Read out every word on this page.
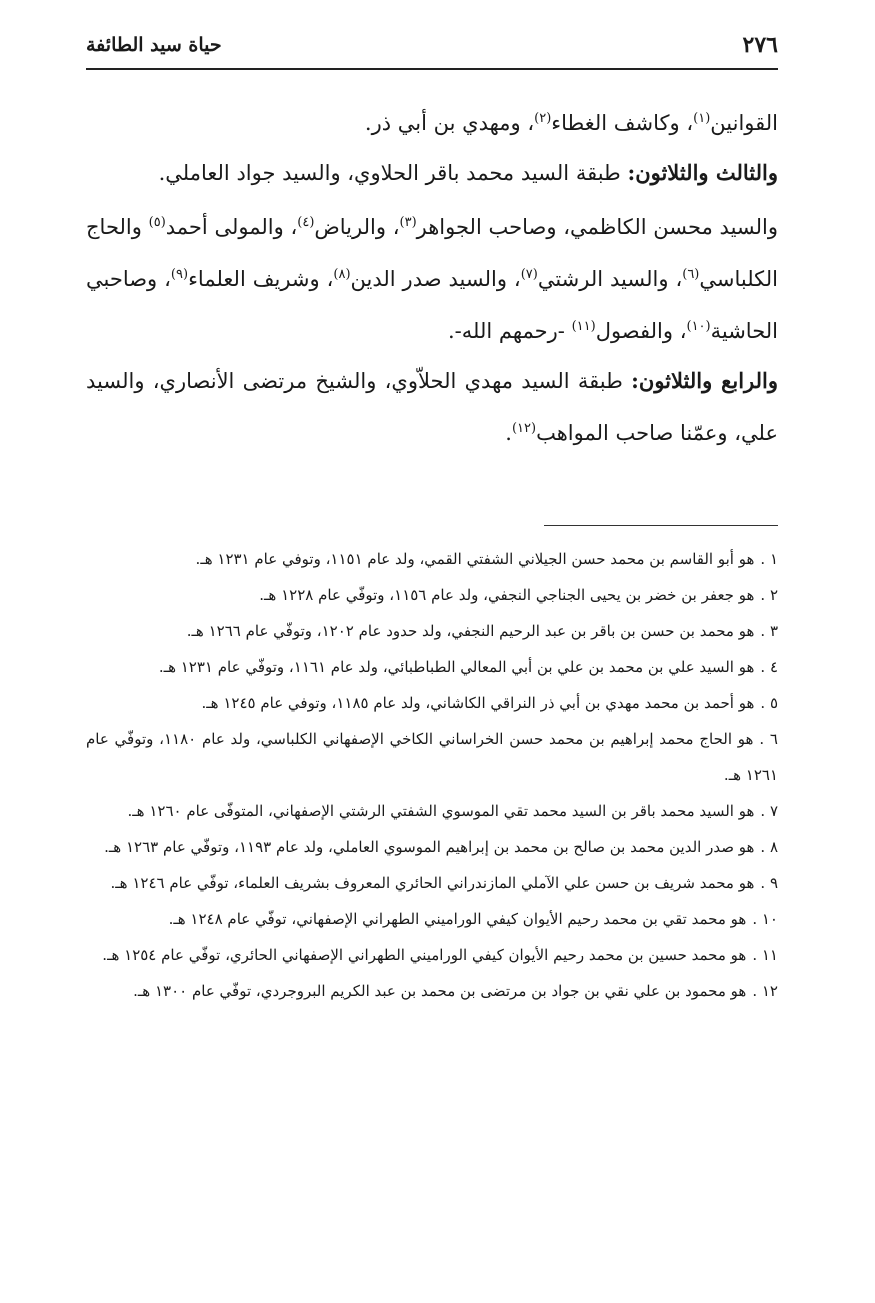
٢٧٦
حياة سيد الطائفة

القوانين$^{(١)}$، وكاشف الغطاء$^{(٢)}$، ومهدي بن أبي ذر.

والثالث والثلاثون: طبقة السيد محمد باقر الحلاوي، والسيد جواد العاملي.

والسيد محسن الكاظمي، وصاحب الجواهر$^{(٣)}$، والرياض$^{(٤)}$، والمولى أحمد$^{(٥)}$ والحاج الكلباسي$^{(٦)}$، والسيد الرشتي$^{(٧)}$، والسيد صدر الدين$^{(٨)}$، وشريف العلماء$^{(٩)}$، وصاحبي الحاشية$^{(١٠)}$، والفصول$^{(١١)}$ -رحمهم الله-.

والرابع والثلاثون: طبقة السيد مهدي الحلاّوي، والشيخ مرتضى الأنصاري، والسيد علي، وعمّنا صاحب المواهب$^{(١٢)}$.

١ .هو أبو القاسم بن محمد حسن الجيلاني الشفتي القمي، ولد عام ١١٥١، وتوفي عام ١٢٣١ هـ.

٢ .هو جعفر بن خضر بن يحيى الجناجي النجفي، ولد عام ١١٥٦، وتوفّي عام ١٢٢٨ هـ.

٣ .هو محمد بن حسن بن باقر بن عبد الرحيم النجفي، ولد حدود عام ١٢٠٢، وتوفّي عام ١٢٦٦ هـ.

٤ .هو السيد علي بن محمد بن علي بن أبي المعالي الطباطبائي، ولد عام ١١٦١، وتوفّي عام ١٢٣١ هـ.

٥ .هو أحمد بن محمد مهدي بن أبي ذر النراقي الكاشاني، ولد عام ١١٨٥، وتوفي عام ١٢٤٥ هـ.

٦ .هو الحاج محمد إبراهيم بن محمد حسن الخراساني الكاخي الإصفهاني الكلباسي، ولد عام ١١٨٠، وتوفّي عام ١٢٦١ هـ.

٧ .هو السيد محمد باقر بن السيد محمد تقي الموسوي الشفتي الرشتي الإصفهاني، المتوفّى عام ١٢٦٠ هـ.

٨ .هو صدر الدين محمد بن صالح بن محمد بن إبراهيم الموسوي العاملي، ولد عام ١١٩٣، وتوفّي عام ١٢٦٣ هـ.

٩ .هو محمد شريف بن حسن علي الآملي المازندراني الحائري المعروف بشريف العلماء، توفّي عام ١٢٤٦ هـ.

١٠ .هو محمد تقي بن محمد رحيم الأيوان كيفي الوراميني الطهراني الإصفهاني، توفّي عام ١٢٤٨ هـ.

١١ .هو محمد حسين بن محمد رحيم الأيوان كيفي الوراميني الطهراني الإصفهاني الحائري، توفّي عام ١٢٥٤ هـ.

١٢ .هو محمود بن علي نقي بن جواد بن مرتضى بن محمد بن عبد الكريم البروجردي، توفّي عام ١٣٠٠ هـ.
